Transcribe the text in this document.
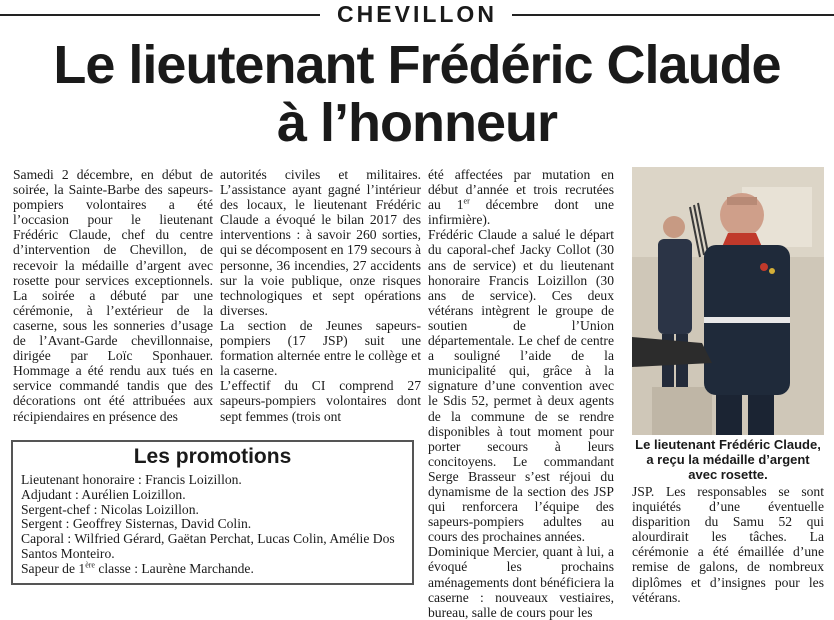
CHEVILLON
Le lieutenant Frédéric Claude
à l’honneur

Samedi 2 décembre, en début de soirée, la Sainte-Barbe des sapeurs-pompiers volontaires a été l’occasion pour le lieutenant Frédéric Claude, chef du centre d’intervention de Chevillon, de recevoir la médaille d’argent avec rosette pour services exceptionnels. La soirée a débuté par une cérémonie, à l’extérieur de la caserne, sous les sonneries d’usage de l’Avant-Garde chevillonnaise, dirigée par Loïc Sponhauer. Hommage a été rendu aux tués en service commandé tandis que des décorations ont été attribuées aux récipiendaires en présence des

autorités civiles et militaires. L’assistance ayant gagné l’intérieur des locaux, le lieutenant Frédéric Claude a évoqué le bilan 2017 des interventions : à savoir 260 sorties, qui se décomposent en 179 secours à personne, 36 incendies, 27 accidents sur la voie publique, onze risques technologiques et sept opérations diverses.

La section de Jeunes sapeurs-pompiers (17 JSP) suit une formation alternée entre le collège et la caserne.

L’effectif du CI comprend 27 sapeurs-pompiers volontaires dont sept femmes (trois ont

été affectées par mutation en début d’année et trois recrutées au 1er décembre dont une infirmière).

Frédéric Claude a salué le départ du caporal-chef Jacky Collot (30 ans de service) et du lieutenant honoraire Francis Loizillon (30 ans de service). Ces deux vétérans intègrent le groupe de soutien de l’Union départementale. Le chef de centre a souligné l’aide de la municipalité qui, grâce à la signature d’une convention avec le Sdis 52, permet à deux agents de la commune de se rendre disponibles à tout moment pour porter secours à leurs concitoyens. Le commandant Serge Brasseur s’est réjoui du dynamisme de la section des JSP qui renforcera l’équipe des sapeurs-pompiers adultes au cours des prochaines années.

Dominique Mercier, quant à lui, a évoqué les prochains aménagements dont bénéficiera la caserne : nouveaux vestiaires, bureau, salle de cours pour les

Le lieutenant Frédéric Claude, a reçu la médaille d’argent avec rosette.

JSP. Les responsables se sont inquiétés d’une éventuelle disparition du Samu 52 qui alourdirait les tâches. La cérémonie a été émaillée d’une remise de galons, de nombreux diplômes et d’insignes pour les vétérans.

Les promotions
Lieutenant honoraire : Francis Loizillon.
Adjudant : Aurélien Loizillon.
Sergent-chef : Nicolas Loizillon.
Sergent : Geoffrey Sisternas, David Colin.
Caporal : Wilfried Gérard, Gaëtan Perchat, Lucas Colin, Amélie Dos Santos Monteiro.
Sapeur de 1ère classe : Laurène Marchande.
